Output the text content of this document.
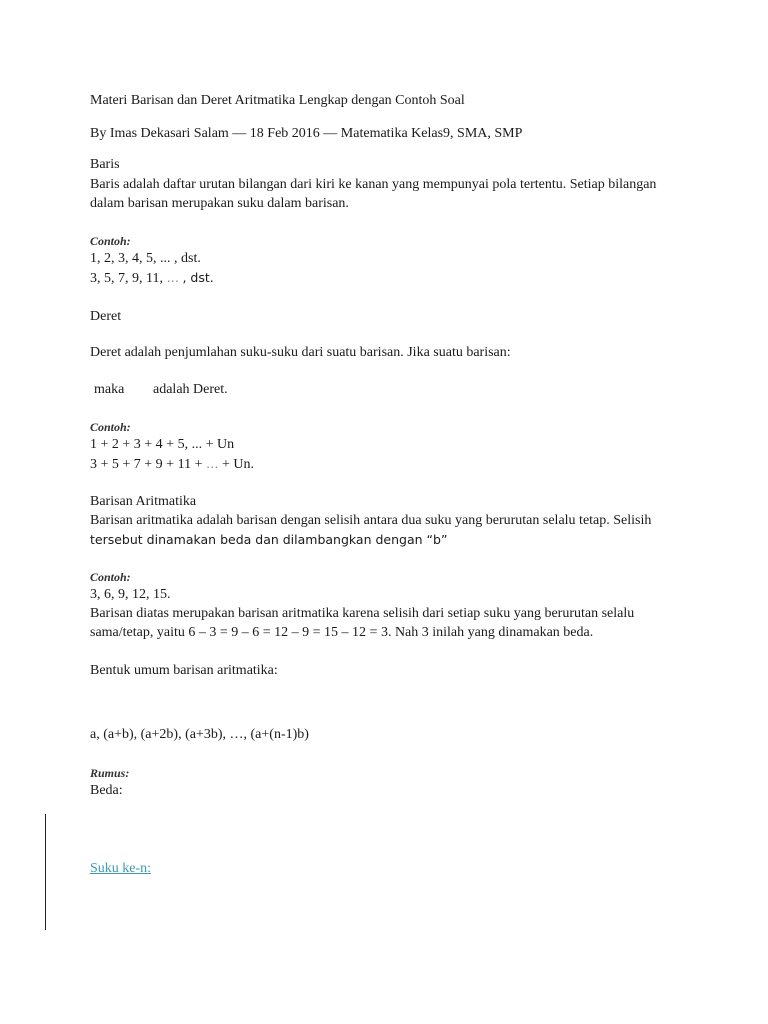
Materi Barisan dan Deret Aritmatika Lengkap dengan Contoh Soal
By Imas Dekasari Salam — 18 Feb 2016 — Matematika Kelas9, SMA, SMP
Baris
Baris adalah daftar urutan bilangan dari kiri ke kanan yang mempunyai pola tertentu. Setiap bilangan
dalam barisan merupakan suku dalam barisan.
Contoh:
1, 2, 3, 4, 5, ... , dst.
3, 5, 7, 9, 11, … , dst.
Deret
Deret adalah penjumlahan suku-suku dari suatu barisan. Jika suatu barisan:
maka adalah Deret.
Contoh:
1 + 2 + 3 + 4 + 5, ... + Un
3 + 5 + 7 + 9 + 11 + … + Un.
Barisan Aritmatika
Barisan aritmatika adalah barisan dengan selisih antara dua suku yang berurutan selalu tetap. Selisih
tersebut dinamakan beda dan dilambangkan dengan “b”
Contoh:
3, 6, 9, 12, 15.
Barisan diatas merupakan barisan aritmatika karena selisih dari setiap suku yang berurutan selalu
sama/tetap, yaitu 6 – 3 = 9 – 6 = 12 – 9 = 15 – 12 = 3. Nah 3 inilah yang dinamakan beda.
Bentuk umum barisan aritmatika:
a, (a+b), (a+2b), (a+3b), …, (a+(n-1)b)
Rumus:
Beda:
Suku ke-n:
